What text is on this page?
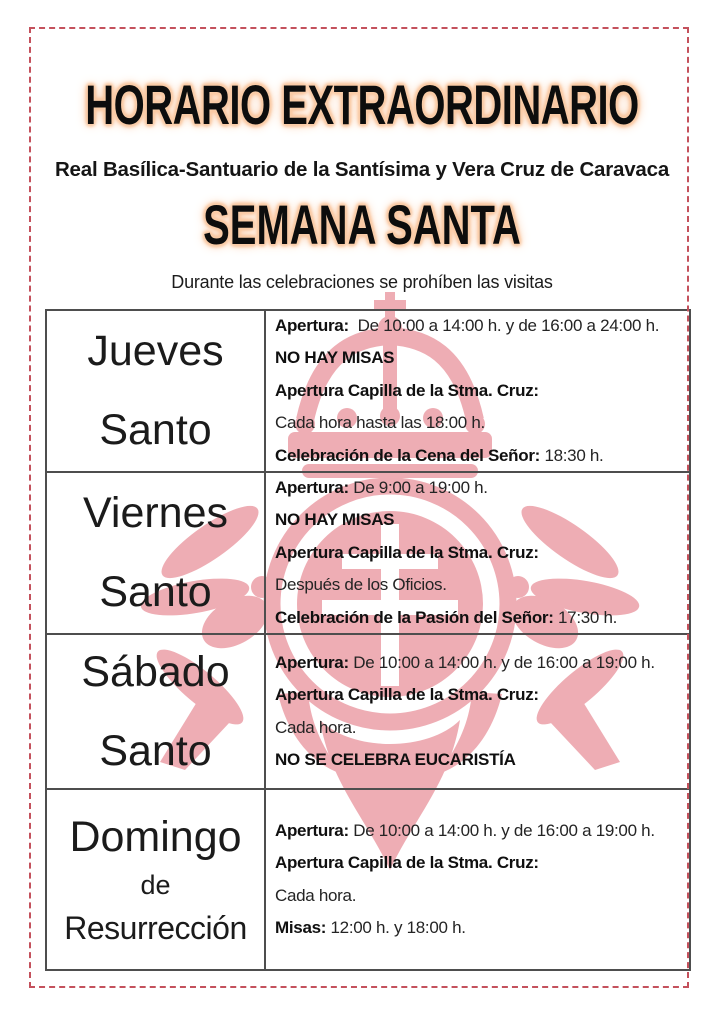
HORARIO EXTRAORDINARIO
Real Basílica-Santuario de la Santísima y Vera Cruz de Caravaca
SEMANA SANTA
Durante las celebraciones se prohíben las visitas
Jueves
Santo
Apertura:  De 10:00 a 14:00 h. y de 16:00 a 24:00 h.
NO HAY MISAS
Apertura Capilla de la Stma. Cruz:
Cada hora hasta las 18:00 h.
Celebración de la Cena del Señor: 18:30 h.
Viernes
Santo
Apertura: De 9:00 a 19:00 h.
NO HAY MISAS
Apertura Capilla de la Stma. Cruz:
Después de los Oficios.
Celebración de la Pasión del Señor: 17:30 h.
Sábado
Santo
Apertura: De 10:00 a 14:00 h. y de 16:00 a 19:00 h.
Apertura Capilla de la Stma. Cruz:
Cada hora.
NO SE CELEBRA EUCARISTÍA
Domingo
de
Resurrección
Apertura: De 10:00 a 14:00 h. y de 16:00 a 19:00 h.
Apertura Capilla de la Stma. Cruz:
Cada hora.
Misas: 12:00 h. y 18:00 h.
